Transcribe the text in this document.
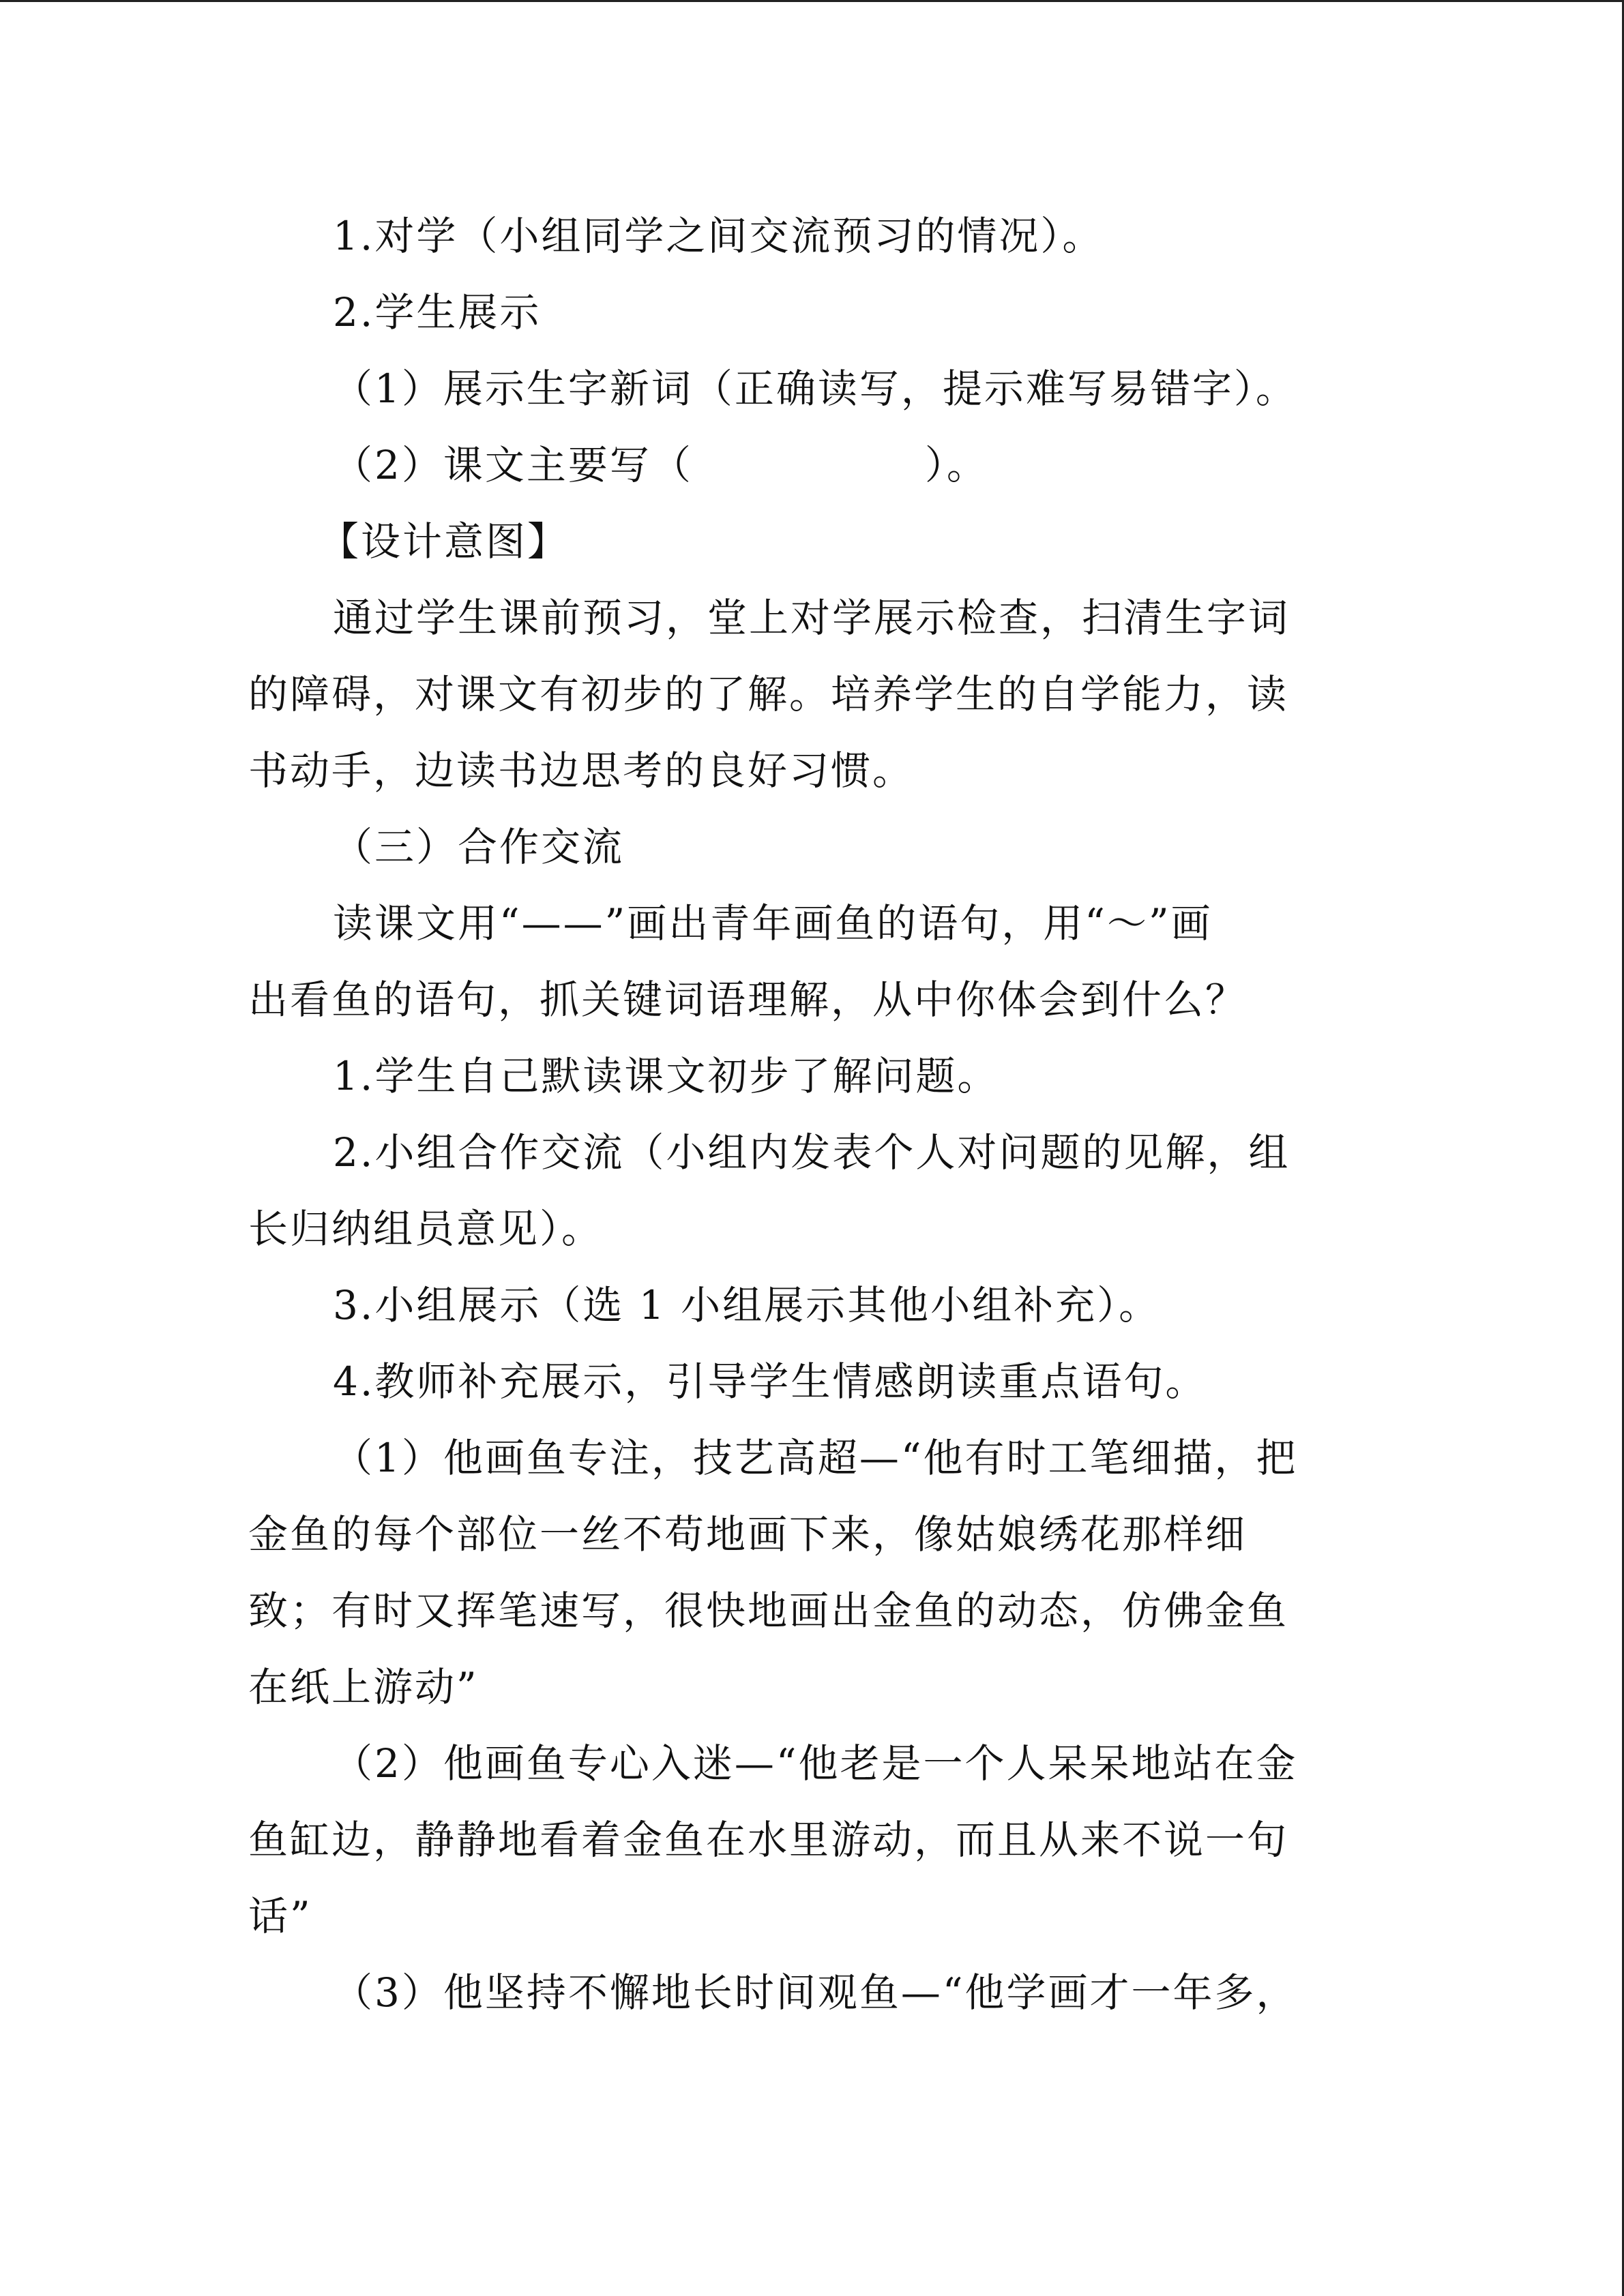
1.对学（小组同学之间交流预习的情况）。
2.学生展示
（1）展示生字新词（正确读写，提示难写易错字）。
（2）课文主要写（	）。
【设计意图】
通过学生课前预习，堂上对学展示检查，扫清生字词
的障碍，对课文有初步的了解。培养学生的自学能力，读
书动手，边读书边思考的良好习惯。
（三）合作交流
读课文用“——”画出青年画鱼的语句，用“～”画
出看鱼的语句，抓关键词语理解，从中你体会到什么？
1.学生自己默读课文初步了解问题。
2.小组合作交流（小组内发表个人对问题的见解，组
长归纳组员意见）。
3.小组展示（选 1 小组展示其他小组补充）。
4.教师补充展示，引导学生情感朗读重点语句。
（1）他画鱼专注，技艺高超—“他有时工笔细描，把
金鱼的每个部位一丝不苟地画下来，像姑娘绣花那样细
致；有时又挥笔速写，很快地画出金鱼的动态，仿佛金鱼
在纸上游动”
（2）他画鱼专心入迷—“他老是一个人呆呆地站在金
鱼缸边，静静地看着金鱼在水里游动，而且从来不说一句
话”
（3）他坚持不懈地长时间观鱼—“他学画才一年多，
